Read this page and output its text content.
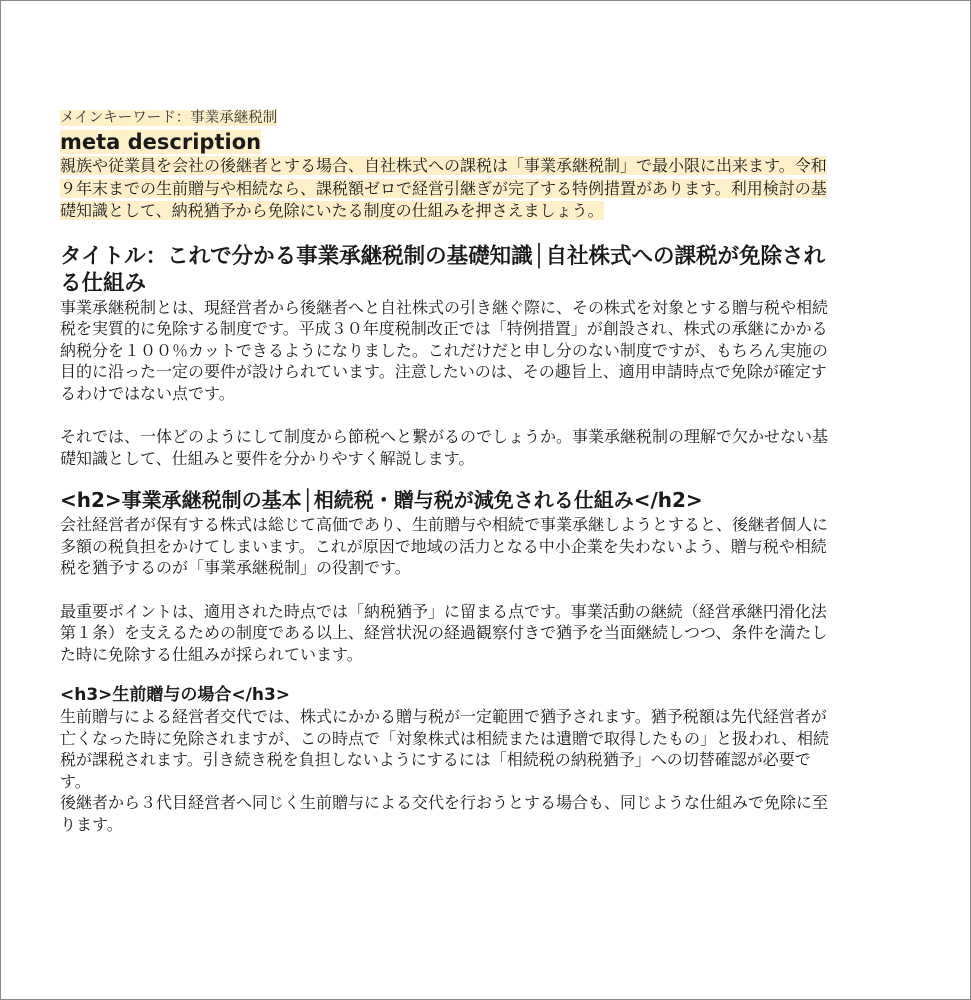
メインキーワード：事業承継税制

meta description

親族や従業員を会社の後継者とする場合、自社株式への課税は「事業承継税制」で最小限に出来ます。令和９年末までの生前贈与や相続なら、課税額ゼロで経営引継ぎが完了する特例措置があります。利用検討の基礎知識として、納税猶予から免除にいたる制度の仕組みを押さえましょう。

タイトル：これで分かる事業承継税制の基礎知識│自社株式への課税が免除される仕組み

事業承継税制とは、現経営者から後継者へと自社株式の引き継ぐ際に、その株式を対象とする贈与税や相続税を実質的に免除する制度です。平成３０年度税制改正では「特例措置」が創設され、株式の承継にかかる納税分を１００％カットできるようになりました。これだけだと申し分のない制度ですが、もちろん実施の目的に沿った一定の要件が設けられています。注意したいのは、その趣旨上、適用申請時点で免除が確定するわけではない点です。

それでは、一体どのようにして制度から節税へと繋がるのでしょうか。事業承継税制の理解で欠かせない基礎知識として、仕組みと要件を分かりやすく解説します。

<h2>事業承継税制の基本│相続税・贈与税が減免される仕組み</h2>

会社経営者が保有する株式は総じて高価であり、生前贈与や相続で事業承継しようとすると、後継者個人に多額の税負担をかけてしまいます。これが原因で地域の活力となる中小企業を失わないよう、贈与税や相続税を猶予するのが「事業承継税制」の役割です。

最重要ポイントは、適用された時点では「納税猶予」に留まる点です。事業活動の継続（経営承継円滑化法第１条）を支えるための制度である以上、経営状況の経過観察付きで猶予を当面継続しつつ、条件を満たした時に免除する仕組みが採られています。

<h3>生前贈与の場合</h3>

生前贈与による経営者交代では、株式にかかる贈与税が一定範囲で猶予されます。猶予税額は先代経営者が亡くなった時に免除されますが、この時点で「対象株式は相続または遺贈で取得したもの」と扱われ、相続税が課税されます。引き続き税を負担しないようにするには「相続税の納税猶予」への切替確認が必要です。

後継者から３代目経営者へ同じく生前贈与による交代を行おうとする場合も、同じような仕組みで免除に至ります。
